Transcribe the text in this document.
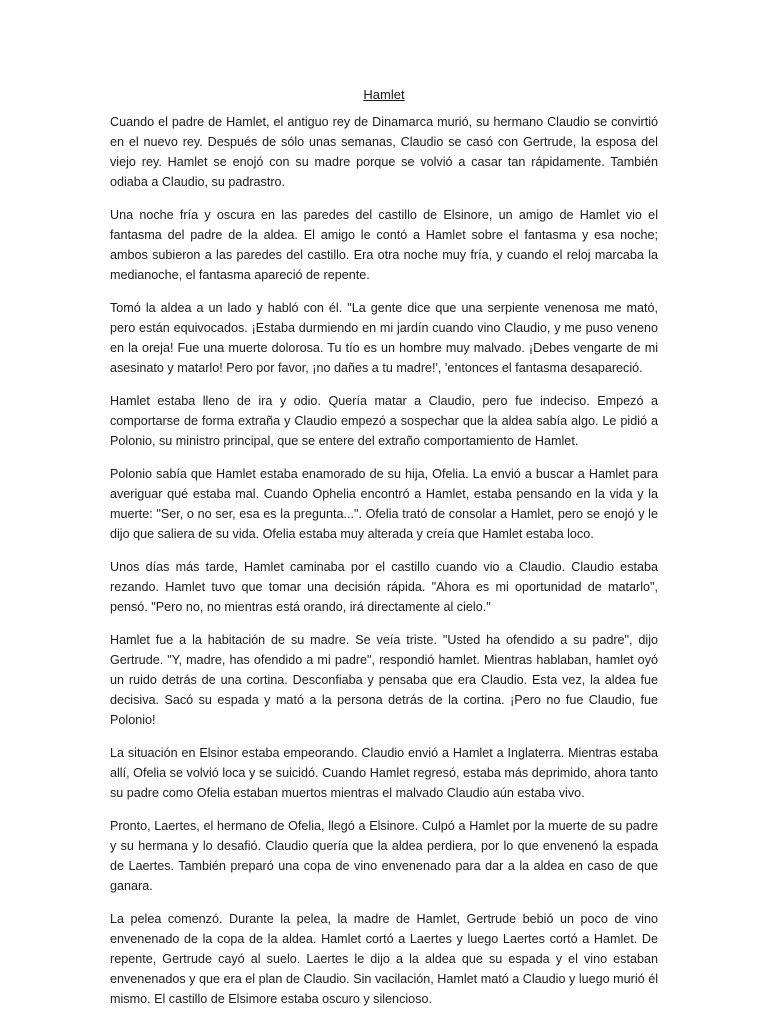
Hamlet

Cuando el padre de Hamlet, el antiguo rey de Dinamarca murió, su hermano Claudio se convirtió en el nuevo rey. Después de sólo unas semanas, Claudio se casó con Gertrude, la esposa del viejo rey. Hamlet se enojó con su madre porque se volvió a casar tan rápidamente. También odiaba a Claudio, su padrastro.

Una noche fría y oscura en las paredes del castillo de Elsinore, un amigo de Hamlet vio el fantasma del padre de la aldea. El amigo le contó a Hamlet sobre el fantasma y esa noche; ambos subieron a las paredes del castillo. Era otra noche muy fría, y cuando el reloj marcaba la medianoche, el fantasma apareció de repente.

Tomó la aldea a un lado y habló con él. "La gente dice que una serpiente venenosa me mató, pero están equivocados. ¡Estaba durmiendo en mi jardín cuando vino Claudio, y me puso veneno en la oreja! Fue una muerte dolorosa. Tu tío es un hombre muy malvado. ¡Debes vengarte de mi asesinato y matarlo! Pero por favor, ¡no dañes a tu madre!', 'entonces el fantasma desapareció.

Hamlet estaba lleno de ira y odio. Quería matar a Claudio, pero fue indeciso. Empezó a comportarse de forma extraña y Claudio empezó a sospechar que la aldea sabía algo. Le pidió a Polonio, su ministro principal, que se entere del extraño comportamiento de Hamlet.

Polonio sabía que Hamlet estaba enamorado de su hija, Ofelia. La envió a buscar a Hamlet para averiguar qué estaba mal. Cuando Ophelia encontró a Hamlet, estaba pensando en la vida y la muerte: "Ser, o no ser, esa es la pregunta...". Ofelia trató de consolar a Hamlet, pero se enojó y le dijo que saliera de su vida. Ofelia estaba muy alterada y creía que Hamlet estaba loco.

Unos días más tarde, Hamlet caminaba por el castillo cuando vio a Claudio. Claudio estaba rezando. Hamlet tuvo que tomar una decisión rápida. "Ahora es mi oportunidad de matarlo", pensó. "Pero no, no mientras está orando, irá directamente al cielo."

Hamlet fue a la habitación de su madre. Se veía triste. "Usted ha ofendido a su padre", dijo Gertrude. "Y, madre, has ofendido a mi padre", respondió hamlet. Mientras hablaban, hamlet oyó un ruido detrás de una cortina. Desconfiaba y pensaba que era Claudio. Esta vez, la aldea fue decisiva. Sacó su espada y mató a la persona detrás de la cortina. ¡Pero no fue Claudio, fue Polonio!

La situación en Elsinor estaba empeorando. Claudio envió a Hamlet a Inglaterra. Mientras estaba allí, Ofelia se volvió loca y se suicidó. Cuando Hamlet regresó, estaba más deprimido, ahora tanto su padre como Ofelia estaban muertos mientras el malvado Claudio aún estaba vivo.

Pronto, Laertes, el hermano de Ofelia, llegó a Elsinore. Culpó a Hamlet por la muerte de su padre y su hermana y lo desafió. Claudio quería que la aldea perdiera, por lo que envenenó la espada de Laertes. También preparó una copa de vino envenenado para dar a la aldea en caso de que ganara.

La pelea comenzó. Durante la pelea, la madre de Hamlet, Gertrude bebió un poco de vino envenenado de la copa de la aldea. Hamlet cortó a Laertes y luego Laertes cortó a Hamlet. De repente, Gertrude cayó al suelo. Laertes le dijo a la aldea que su espada y el vino estaban envenenados y que era el plan de Claudio. Sin vacilación, Hamlet mató a Claudio y luego murió él mismo. El castillo de Elsimore estaba oscuro y silencioso.
